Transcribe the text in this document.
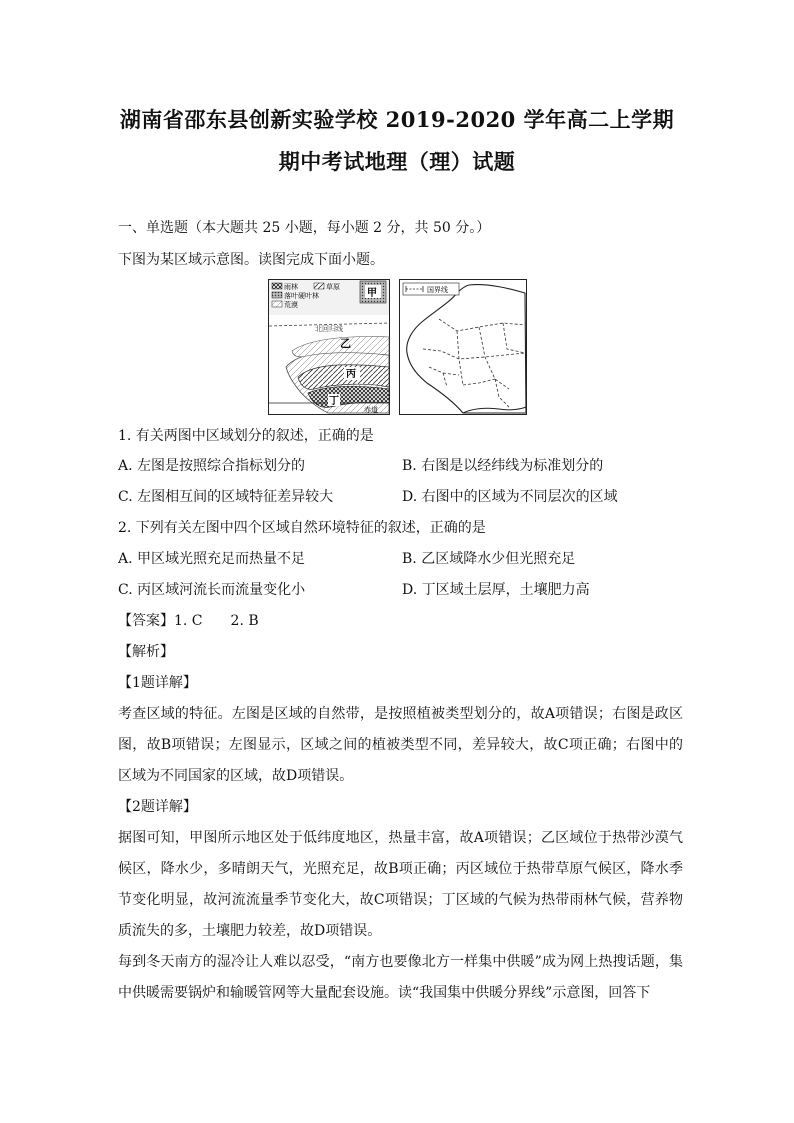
湖南省邵东县创新实验学校 2019-2020 学年高二上学期
期中考试地理（理）试题
一、单选题（本大题共 25 小题，每小题 2 分，共 50 分。）
下图为某区域示意图。读图完成下面小题。
雨林	草原
落叶硬叶林
荒漠
甲
北回归线
乙
丙
丁
赤道
国界线
1. 有关两图中区域划分的叙述，正确的是
A. 左图是按照综合指标划分的	B. 右图是以经纬线为标准划分的
C. 左图相互间的区域特征差异较大	D. 右图中的区域为不同层次的区域
2. 下列有关左图中四个区域自然环境特征的叙述，正确的是
A. 甲区域光照充足而热量不足	B. 乙区域降水少但光照充足
C. 丙区域河流长而流量变化小	D. 丁区域土层厚，土壤肥力高
【答案】1. C 2. B
【解析】
【1题详解】
考查区域的特征。左图是区域的自然带，是按照植被类型划分的，故A项错误；右图是政区图，故B项错误；左图显示，区域之间的植被类型不同，差异较大，故C项正确；右图中的区域为不同国家的区域，故D项错误。
【2题详解】
据图可知，甲图所示地区处于低纬度地区，热量丰富，故A项错误；乙区域位于热带沙漠气候区，降水少，多晴朗天气，光照充足，故B项正确；丙区域位于热带草原气候区，降水季节变化明显，故河流流量季节变化大，故C项错误；丁区域的气候为热带雨林气候，营养物质流失的多，土壤肥力较差，故D项错误。
每到冬天南方的湿冷让人难以忍受，“南方也要像北方一样集中供暖”成为网上热搜话题，集中供暖需要锅炉和输暖管网等大量配套设施。读“我国集中供暖分界线”示意图，回答下
